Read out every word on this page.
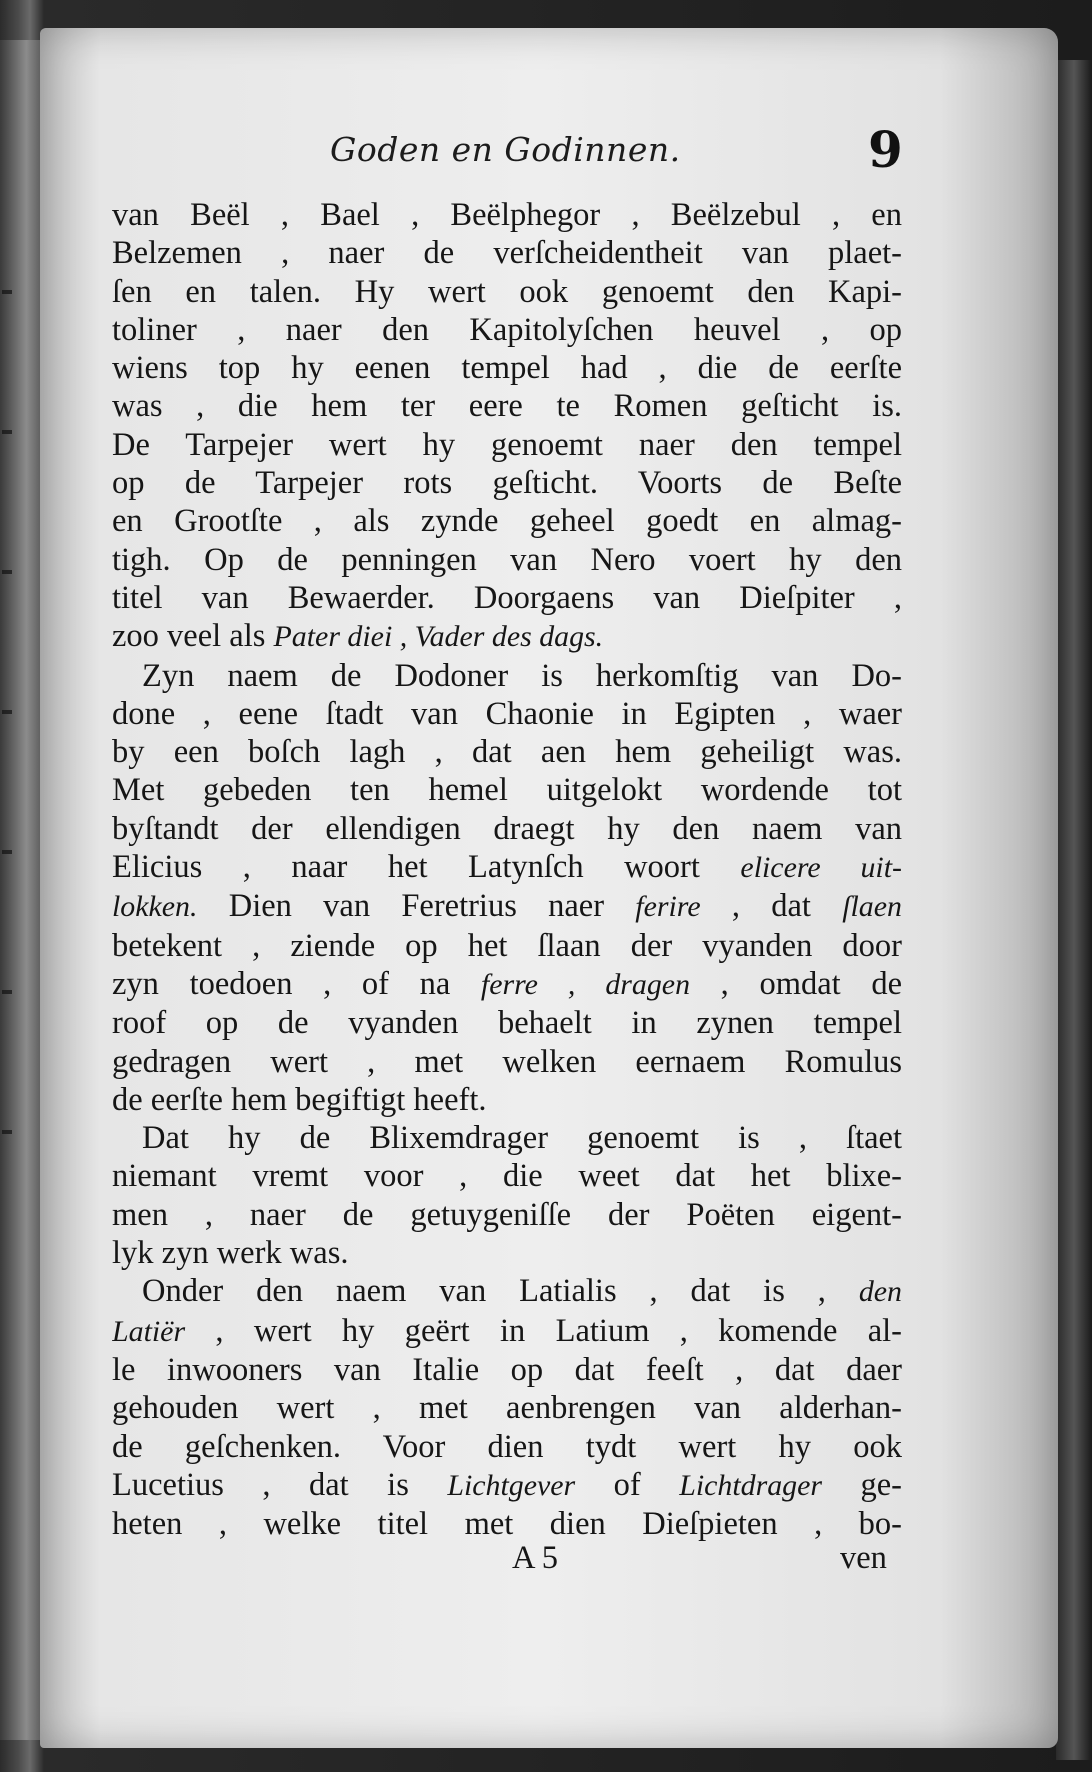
Goden en Godinnen.	9
van Beël , Bael , Beëlphegor , Beëlzebul , en
Belzemen , naer de verſcheidentheit van plaet-
ſen en talen. Hy wert ook genoemt den Kapi-
toliner , naer den Kapitolyſchen heuvel , op
wiens top hy eenen tempel had , die de eerſte
was , die hem ter eere te Romen geſticht is.
De Tarpejer wert hy genoemt naer den tempel
op de Tarpejer rots geſticht. Voorts de Beſte
en Grootſte , als zynde geheel goedt en almag-
tigh. Op de penningen van Nero voert hy den
titel van Bewaerder. Doorgaens van Dieſpiter ,
zoo veel als Pater diei , Vader des dags.
Zyn naem de Dodoner is herkomſtig van Do-
done , eene ſtadt van Chaonie in Egipten , waer
by een boſch lagh , dat aen hem geheiligt was.
Met gebeden ten hemel uitgelokt wordende tot
byſtandt der ellendigen draegt hy den naem van
Elicius , naar het Latynſch woort elicere uit-
lokken. Dien van Feretrius naer ferire , dat ſlaen
betekent , ziende op het ſlaan der vyanden door
zyn toedoen , of na ferre , dragen , omdat de
roof op de vyanden behaelt in zynen tempel
gedragen wert , met welken eernaem Romulus
de eerſte hem begiftigt heeft.
Dat hy de Blixemdrager genoemt is , ſtaet
niemant vremt voor , die weet dat het blixe-
men , naer de getuygeniſſe der Poëten eigent-
lyk zyn werk was.
Onder den naem van Latialis , dat is , den
Latiër , wert hy geërt in Latium , komende al-
le inwooners van Italie op dat feeſt , dat daer
gehouden wert , met aenbrengen van alderhan-
de geſchenken. Voor dien tydt wert hy ook
Lucetius , dat is Lichtgever of Lichtdrager ge-
heten , welke titel met dien Dieſpieten , bo-
A 5	ven
